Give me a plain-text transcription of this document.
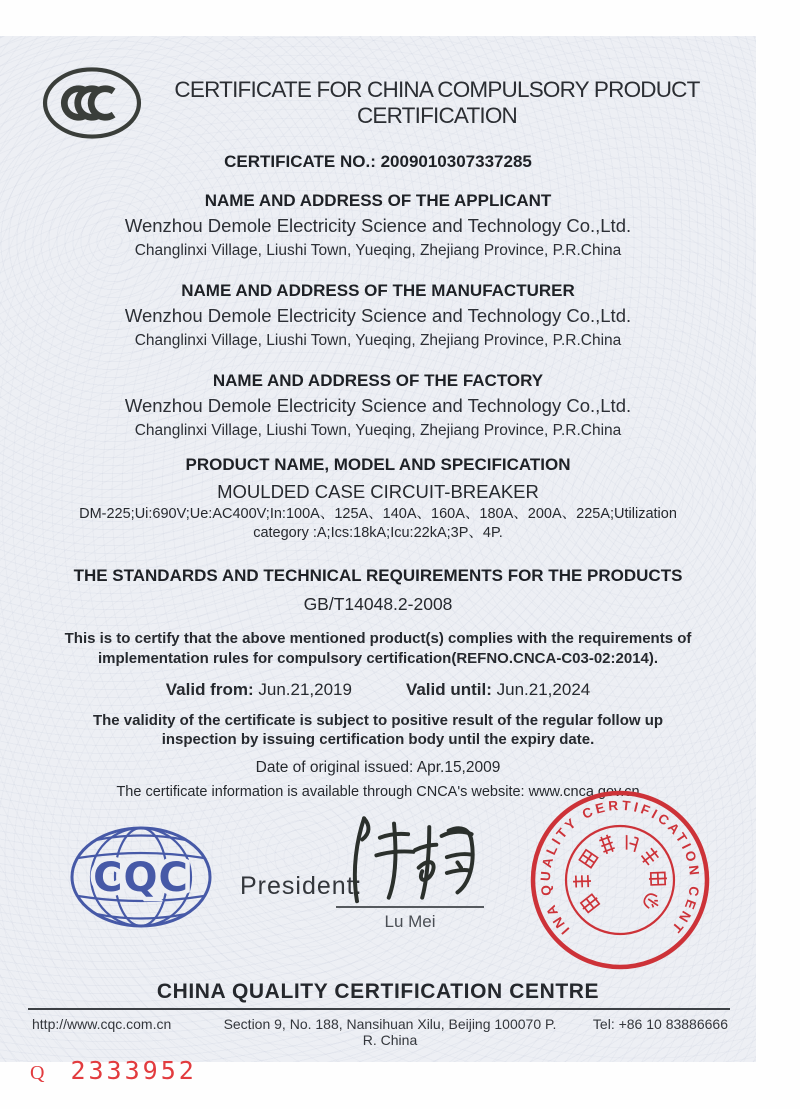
CERTIFICATE FOR CHINA COMPULSORY PRODUCT CERTIFICATION
CERTIFICATE NO.: 2009010307337285
NAME AND ADDRESS OF THE APPLICANT
Wenzhou Demole Electricity Science and Technology Co.,Ltd.
Changlinxi Village, Liushi Town, Yueqing, Zhejiang Province, P.R.China
NAME AND ADDRESS OF THE MANUFACTURER
Wenzhou Demole Electricity Science and Technology Co.,Ltd.
Changlinxi Village, Liushi Town, Yueqing, Zhejiang Province, P.R.China
NAME AND ADDRESS OF THE FACTORY
Wenzhou Demole Electricity Science and Technology Co.,Ltd.
Changlinxi Village, Liushi Town, Yueqing, Zhejiang Province, P.R.China
PRODUCT NAME, MODEL AND SPECIFICATION
MOULDED CASE CIRCUIT-BREAKER
DM-225;Ui:690V;Ue:AC400V;In:100A、125A、140A、160A、180A、200A、225A;Utilization
category :A;Ics:18kA;Icu:22kA;3P、4P.
THE STANDARDS AND TECHNICAL REQUIREMENTS FOR THE PRODUCTS
GB/T14048.2-2008
This is to certify that the above mentioned product(s) complies with the requirements of
implementation rules for compulsory certification(REFNO.CNCA-C03-02:2014).
Valid from: Jun.21,2019	Valid until: Jun.21,2024
The validity of the certificate is subject to positive result of the regular follow up
inspection by issuing certification body until the expiry date.
Date of original issued: Apr.15,2009
The certificate information is available through CNCA's website: www.cnca.gov.cn
CQC President:
Lu Mei
CHINA QUALITY CERTIFICATION CENTRE
CHINA QUALITY CERTIFICATION CENTRE
http://www.cqc.com.cn	Section 9, No. 188, Nansihuan Xilu, Beijing 100070 P. R. China
Tel: +86 10 83886666
Q 2333952
